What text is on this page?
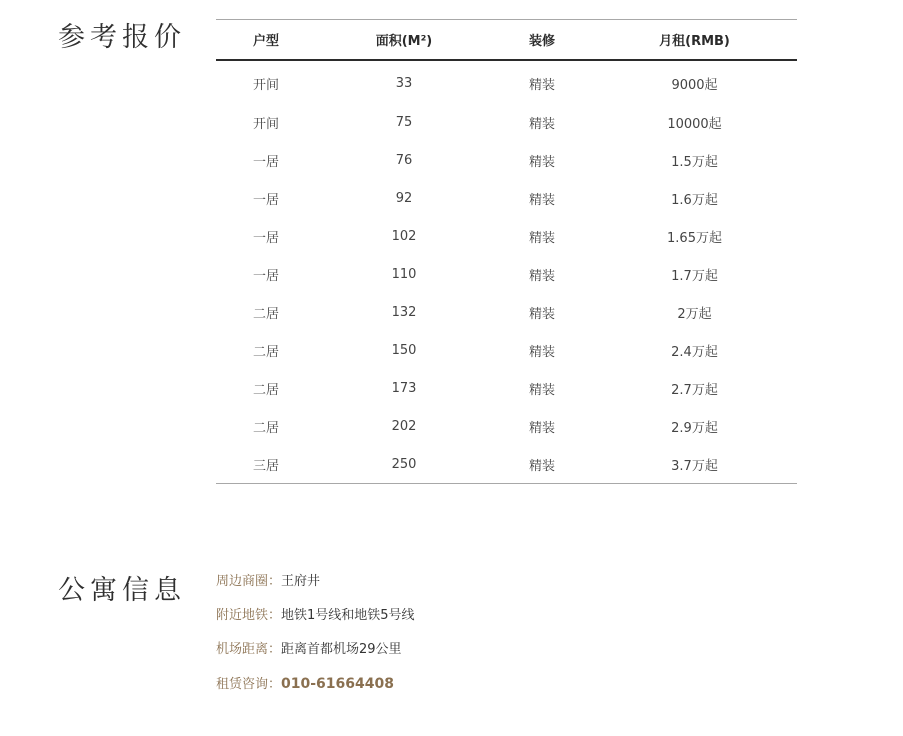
参考报价	户型	面积(M²)	装修	月租(RMB)
开间	33	精装	9000起
开间	75	精装	10000起
一居	76	精装	1.5万起
一居	92	精装	1.6万起
一居	102	精装	1.65万起
一居	110	精装	1.7万起
二居	132	精装	2万起
二居	150	精装	2.4万起
二居	173	精装	2.7万起
二居	202	精装	2.9万起
三居	250	精装	3.7万起
公寓信息 周边商圈：王府井
附近地铁：地铁1号线和地铁5号线
机场距离：距离首都机场29公里
租赁咨询：010-61664408
